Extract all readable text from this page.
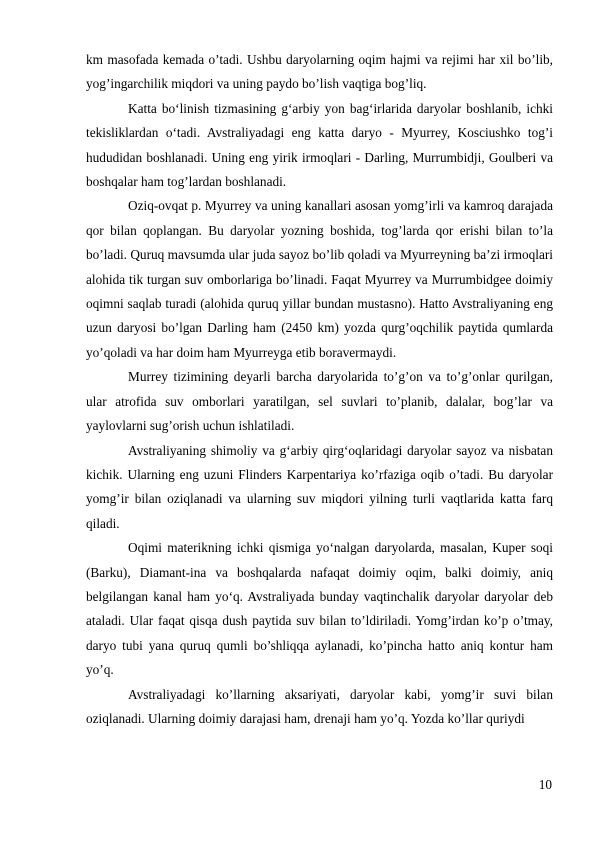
km masofada kemada o’tadi. Ushbu daryolarning oqim hajmi va rejimi har xil bo’lib, yog’ingarchilik miqdori va uning paydo bo’lish vaqtiga bog’liq.

Katta bo‘linish tizmasining g‘arbiy yon bag‘irlarida daryolar boshlanib, ichki tekisliklardan o‘tadi. Avstraliyadagi eng katta daryo - Myurrey, Kosciushko tog’i hududidan boshlanadi. Uning eng yirik irmoqlari - Darling, Murrumbidji, Goulberi va boshqalar ham tog’lardan boshlanadi.

Oziq-ovqat p. Myurrey va uning kanallari asosan yomg’irli va kamroq darajada qor bilan qoplangan. Bu daryolar yozning boshida, tog’larda qor erishi bilan to’la bo’ladi. Quruq mavsumda ular juda sayoz bo’lib qoladi va Myurreyning ba’zi irmoqlari alohida tik turgan suv omborlariga bo’linadi. Faqat Myurrey va Murrumbidgee doimiy oqimni saqlab turadi (alohida quruq yillar bundan mustasno). Hatto Avstraliyaning eng uzun daryosi bo’lgan Darling ham (2450 km) yozda qurg’oqchilik paytida qumlarda yo’qoladi va har doim ham Myurreyga etib boravermaydi.

Murrey tizimining deyarli barcha daryolarida to’g’on va to’g’onlar qurilgan, ular atrofida suv omborlari yaratilgan, sel suvlari to’planib, dalalar, bog’lar va yaylovlarni sug’orish uchun ishlatiladi.

Avstraliyaning shimoliy va g‘arbiy qirg‘oqlaridagi daryolar sayoz va nisbatan kichik. Ularning eng uzuni Flinders Karpentariya ko’rfaziga oqib o’tadi. Bu daryolar yomg’ir bilan oziqlanadi va ularning suv miqdori yilning turli vaqtlarida katta farq qiladi.

Oqimi materikning ichki qismiga yo‘nalgan daryolarda, masalan, Kuper soqi (Barku), Diamant-ina va boshqalarda nafaqat doimiy oqim, balki doimiy, aniq belgilangan kanal ham yo‘q. Avstraliyada bunday vaqtinchalik daryolar daryolar deb ataladi. Ular faqat qisqa dush paytida suv bilan to’ldiriladi. Yomg’irdan ko’p o’tmay, daryo tubi yana quruq qumli bo’shliqqa aylanadi, ko’pincha hatto aniq kontur ham yo’q.

Avstraliyadagi ko’llarning aksariyati, daryolar kabi, yomg’ir suvi bilan oziqlanadi. Ularning doimiy darajasi ham, drenaji ham yo’q. Yozda ko’llar quriydi

10
